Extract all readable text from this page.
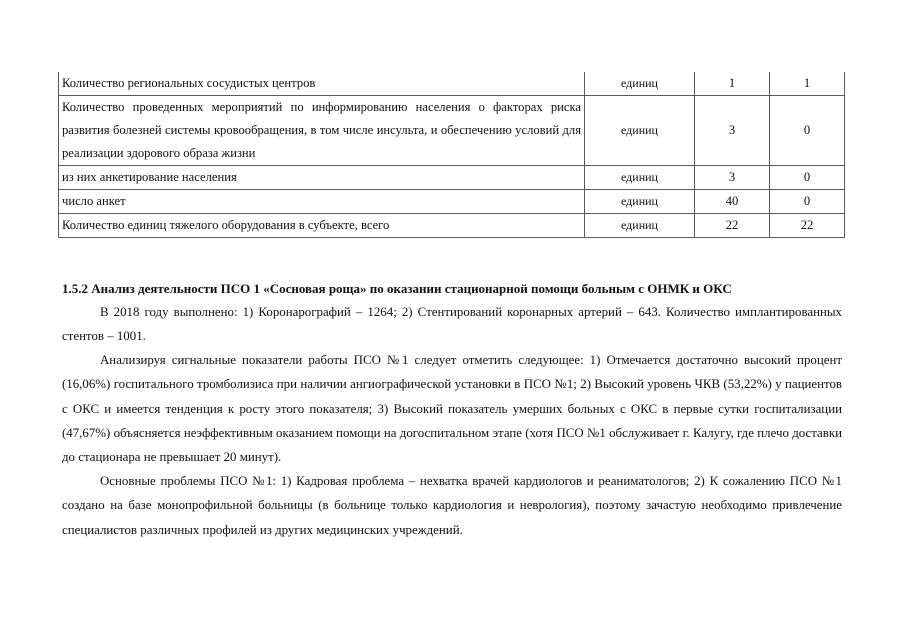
Количество региональных сосудистых центров	единиц	1	1
Количество проведенных мероприятий по информированию населения о факторах риска развития болезней системы кровообращения, в том числе инсульта, и обеспечению условий для реализации здорового образа жизни	единиц	3	0
из них анкетирование населения	единиц	3	0
число анкет	единиц	40	0
Количество единиц тяжелого оборудования в субъекте, всего	единиц	22	22
1.5.2 Анализ деятельности ПСО 1 «Сосновая роща» по оказании стационарной помощи больным с ОНМК и ОКС

В 2018 году выполнено: 1) Коронарографий – 1264; 2) Стентирований коронарных артерий – 643. Количество имплантированных стентов – 1001.

Анализируя сигнальные показатели работы ПСО №1 следует отметить следующее: 1) Отмечается достаточно высокий процент (16,06%) госпитального тромболизиса при наличии ангиографической установки в ПСО №1; 2) Высокий уровень ЧКВ (53,22%) у пациентов с ОКС и имеется тенденция к росту этого показателя; 3) Высокий показатель умерших больных с ОКС в первые сутки госпитализации (47,67%) объясняется неэффективным оказанием помощи на догоспитальном этапе (хотя ПСО №1 обслуживает г. Калугу, где плечо доставки до стационара не превышает 20 минут).

Основные проблемы ПСО №1: 1) Кадровая проблема – нехватка врачей кардиологов и реаниматологов; 2) К сожалению ПСО №1 создано на базе монопрофильной больницы (в больнице только кардиология и неврология), поэтому зачастую необходимо привлечение специалистов различных профилей из других медицинских учреждений.
